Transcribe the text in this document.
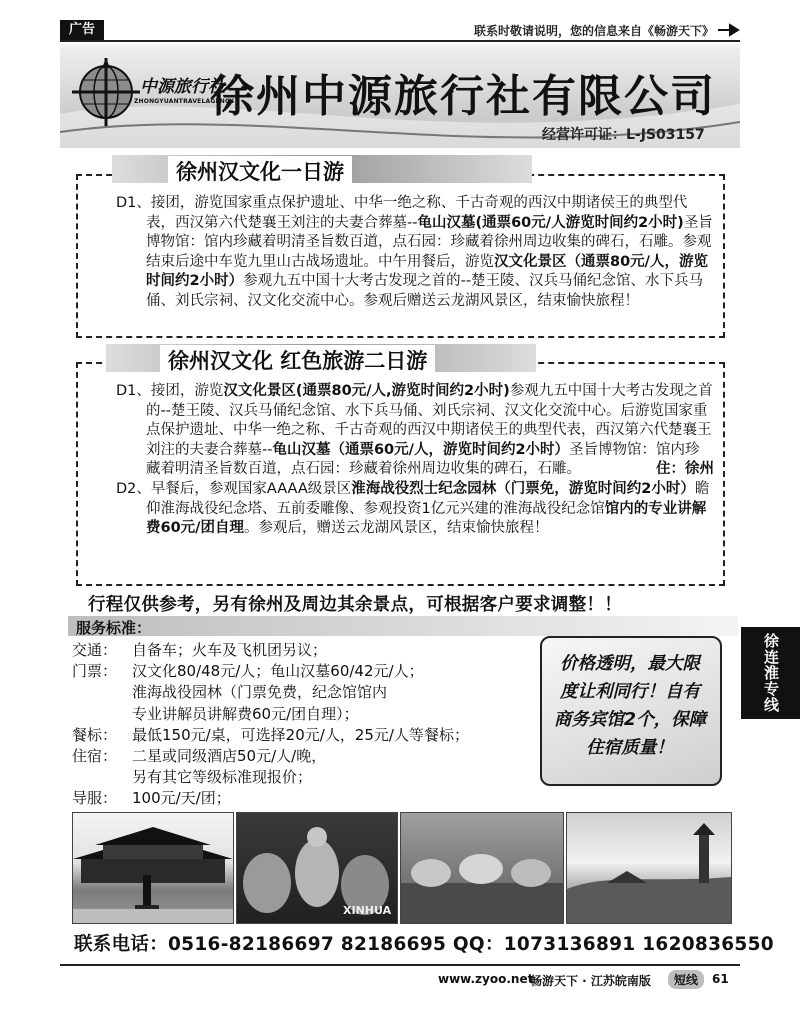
广告	联系时敬请说明，您的信息来自《畅游天下》
中源旅行社
ZHONGYUANTRAVELAGENCY
徐州中源旅行社有限公司
经营许可证：L-JS03157
徐州汉文化一日游

D1、接团，游览国家重点保护遗址、中华一绝之称、千古奇观的西汉中期诸侯王的典型代表，西汉第六代楚襄王刘注的夫妻合葬墓--龟山汉墓(通票60元/人游览时间约2小时)圣旨博物馆：馆内珍藏着明清圣旨数百道，点石园：珍藏着徐州周边收集的碑石，石雕。参观结束后途中车览九里山古战场遗址。中午用餐后，游览汉文化景区（通票80元/人，游览时间约2小时）参观九五中国十大考古发现之首的--楚王陵、汉兵马俑纪念馆、水下兵马俑、刘氏宗祠、汉文化交流中心。参观后赠送云龙湖风景区，结束愉快旅程！

徐州汉文化 红色旅游二日游

D1、接团，游览汉文化景区(通票80元/人,游览时间约2小时)参观九五中国十大考古发现之首的--楚王陵、汉兵马俑纪念馆、水下兵马俑、刘氏宗祠、汉文化交流中心。后游览国家重点保护遗址、中华一绝之称、千古奇观的西汉中期诸侯王的典型代表，西汉第六代楚襄王刘注的夫妻合葬墓--龟山汉墓（通票60元/人，游览时间约2小时）圣旨博物馆：馆内珍藏着明清圣旨数百道，点石园：珍藏着徐州周边收集的碑石，石雕。	住：徐州

D2、早餐后，参观国家AAAA级景区淮海战役烈士纪念园林（门票免，游览时间约2小时）瞻仰淮海战役纪念塔、五前委雕像、参观投资1亿元兴建的淮海战役纪念馆馆内的专业讲解费60元/团自理。参观后，赠送云龙湖风景区，结束愉快旅程！

行程仅供参考，另有徐州及周边其余景点，可根据客户要求调整！！
服务标准：
交通： 自备车；火车及飞机团另议；
门票： 汉文化80/48元/人；龟山汉墓60/42元/人；
淮海战役园林（门票免费，纪念馆馆内
专业讲解员讲解费60元/团自理）；
餐标： 最低150元/桌，可选择20元/人，25元/人等餐标；
住宿： 二星或同级酒店50元/人/晚，
另有其它等级标准现报价；
导服： 100元/天/团；
价格透明，最大限度让利同行！自有商务宾馆2个，保障住宿质量！
徐连淮专线
XINHUA
联系电话：0516-82186697 82186695 QQ：1073136891 1620836550
www.zyoo.net
畅游天下 · 江苏皖南版	短线	61
